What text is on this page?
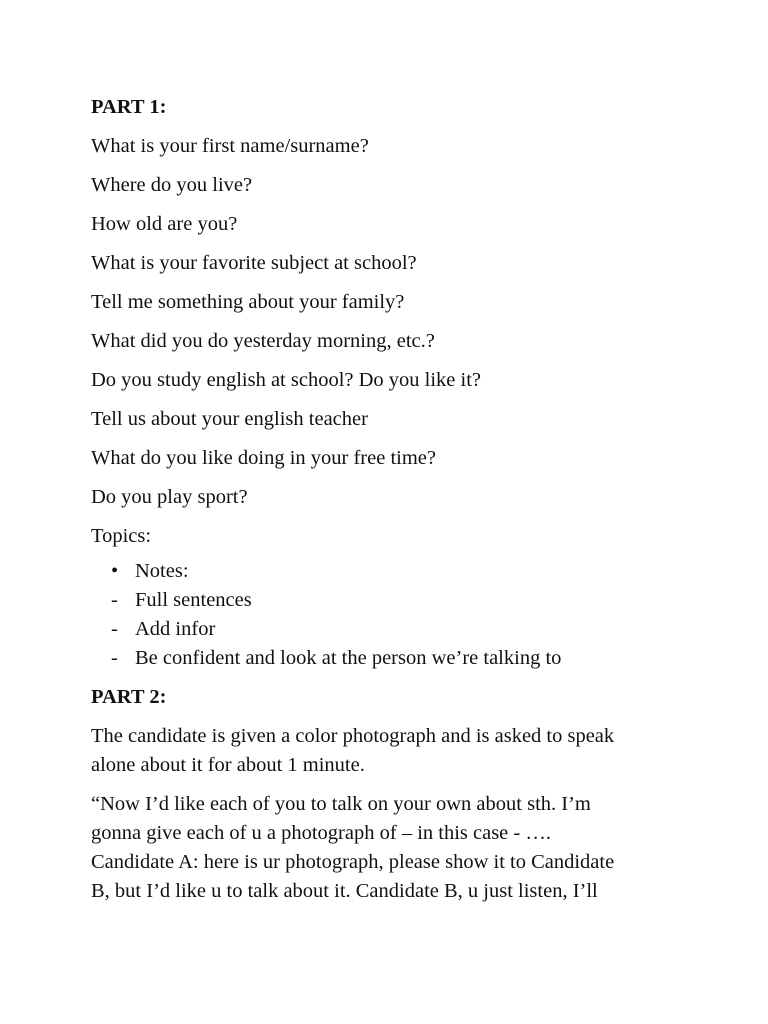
PART 1:
What is your first name/surname?
Where do you live?
How old are you?
What is your favorite subject at school?
Tell me something about your family?
What did you do yesterday morning, etc.?
Do you study english at school? Do you like it?
Tell us about your english teacher
What do you like doing in your free time?
Do you play sport?
Topics:
• Notes:
- Full sentences
- Add infor
- Be confident and look at the person we’re talking to
PART 2:
The candidate is given a color photograph and is asked to speak
alone about it for about 1 minute.
“Now I’d like each of you to talk on your own about sth. I’m
gonna give each of u a photograph of – in this case - ….
Candidate A: here is ur photograph, please show it to Candidate
B, but I’d like u to talk about it. Candidate B, u just listen, I’ll
